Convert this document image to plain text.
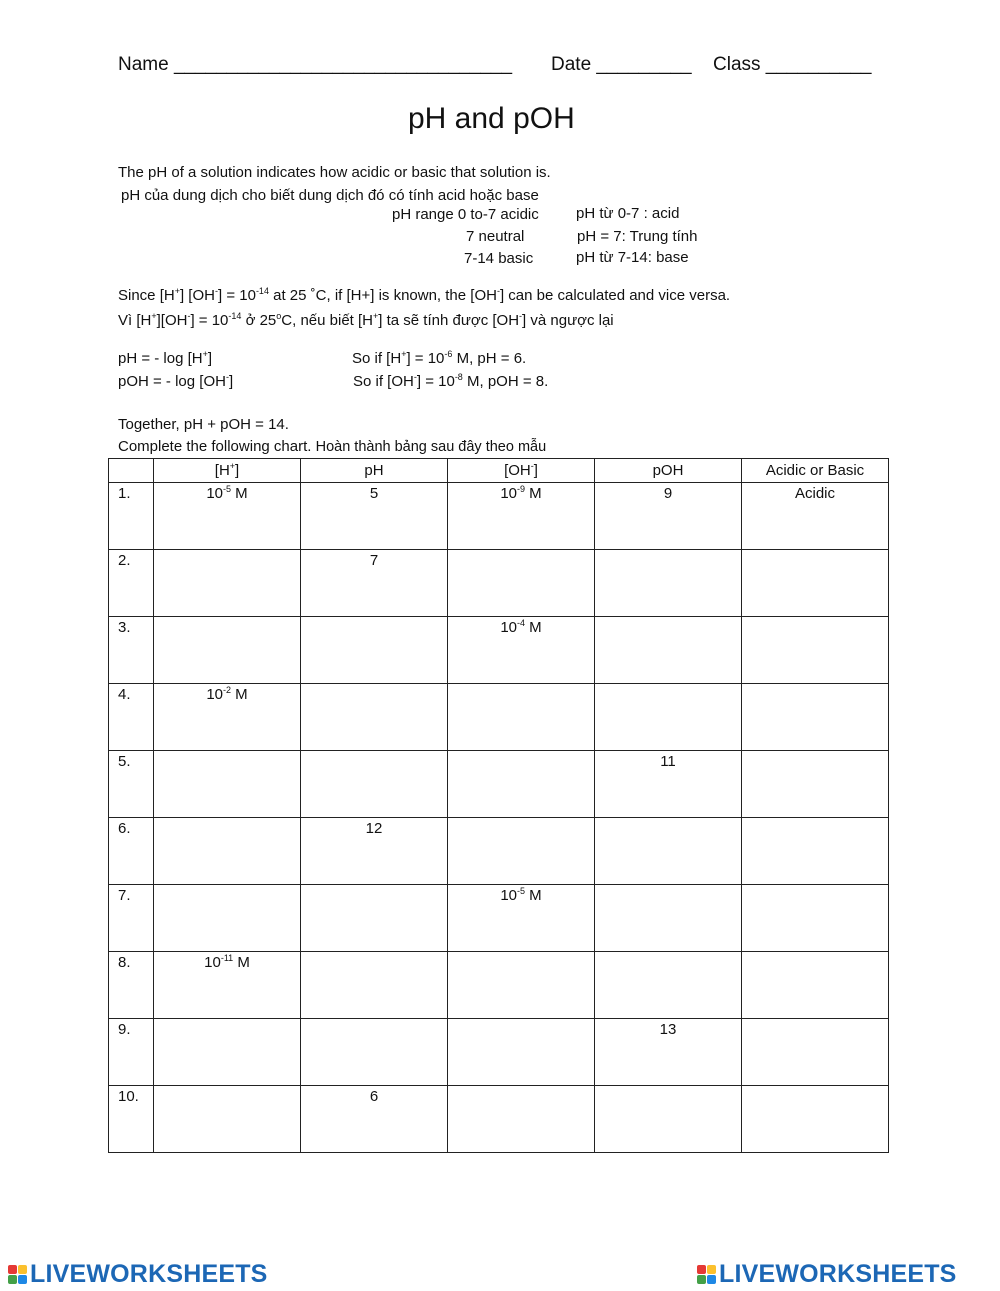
Name ________________________________ Date _________ Class __________
pH and pOH
The pH of a solution indicates how acidic or basic that solution is.
pH của dung dịch cho biết dung dịch đó có tính acid hoặc base
pH range 0 to-7 acidic pH từ 0-7 : acid
7 neutral	pH = 7: Trung tính
7-14 basic	pH từ 7-14: base
Since [H+] $[OH^-] = 10^{-14}$ at 25 ˚C, if [H+] is known, the [OH-] can be calculated and vice versa.
Vì $[H^+][OH^-] = 10^{-14}$ ở 25$^o$C, nếu biết [H+] ta sẽ tính được [OH-] và ngược lại
pH = - log [H+]
pOH = - log [OH-]
So if $[H^+] = 10^{-6}$ M, pH = 6.
So if $[OH^-] = 10^{-8}$ M, pOH = 8.
Together, pH + pOH = 14.
Complete the following chart. Hoàn thành bảng sau đây theo mẫu
	[H+]	pH	[OH-]	pOH	Acidic or Basic
1.	$10^{-5}$ M	5	$10^{-9}$ M	9	Acidic
2.		7			
3.			$10^{-4}$ M		
4.	$10^{-2}$ M				
5.				11	
6.		12			
7.			$10^{-5}$ M		
8.	$10^{-11}$ M				
9.				13	
10.		6			
LIVEWORKSHEETS	LIVEWORKSHEETS
